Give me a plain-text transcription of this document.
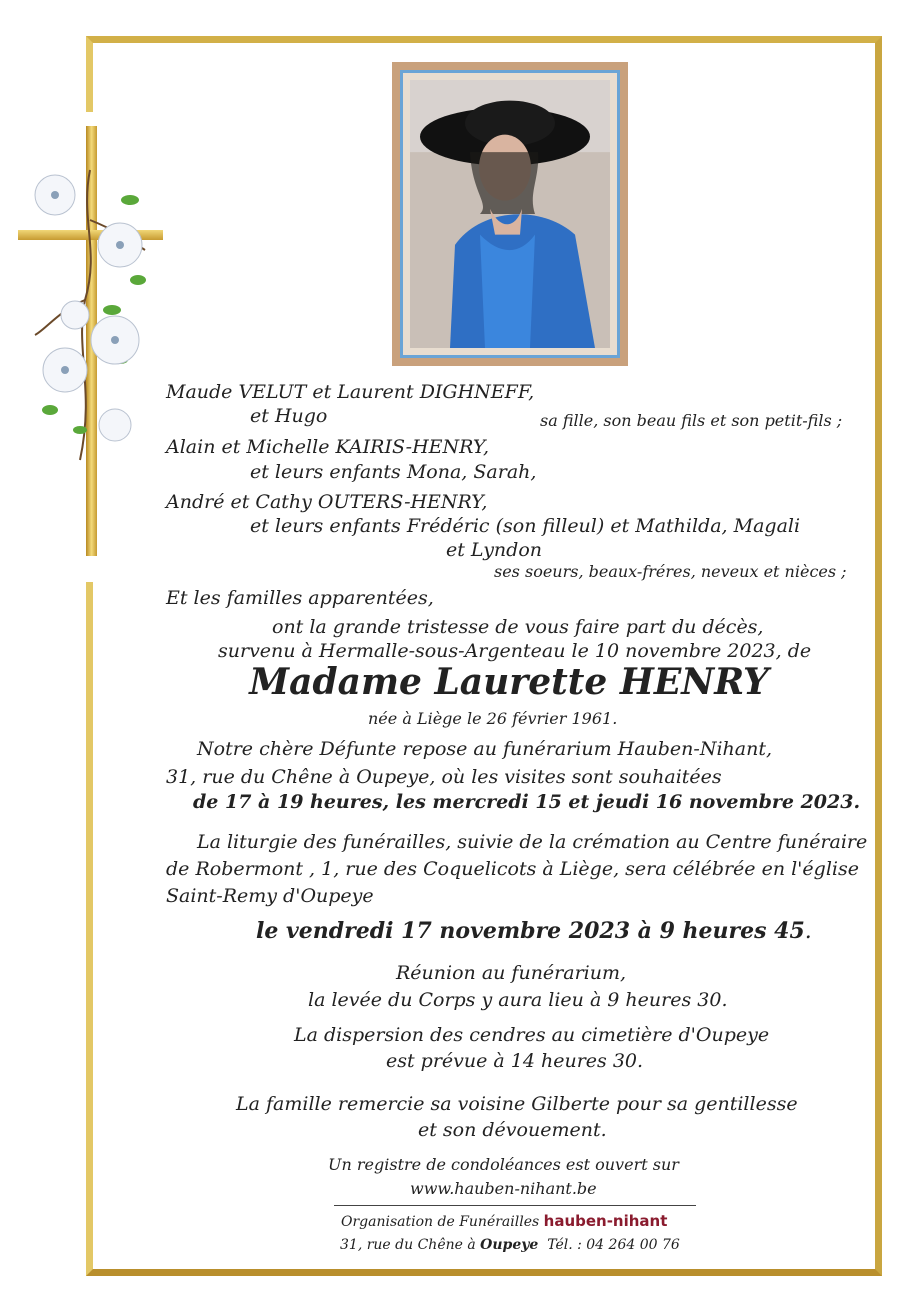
Maude VELUT et Laurent DIGHNEFF,
et Hugo	sa fille, son beau fils et son petit-fils ;
Alain et Michelle KAIRIS-HENRY,
et leurs enfants Mona, Sarah,
André et Cathy OUTERS-HENRY,
et leurs enfants Frédéric (son filleul) et Mathilda, Magali
et Lyndon
ses soeurs, beaux-fréres, neveux et nièces ;
Et les familles apparentées,
ont la grande tristesse de vous faire part du décès,
survenu à Hermalle-sous-Argenteau le 10 novembre 2023, de
Madame Laurette HENRY
née à Liège le 26 février 1961.
Notre chère Défunte repose au funérarium Hauben-Nihant,
31, rue du Chêne à Oupeye, où les visites sont souhaitées
de 17 à 19 heures, les mercredi 15 et jeudi 16 novembre 2023.
La liturgie des funérailles, suivie de la crémation au Centre funéraire
de Robermont , 1, rue des Coquelicots à Liège, sera célébrée en l'église
Saint-Remy d'Oupeye
le vendredi 17 novembre 2023 à 9 heures 45.
Réunion au funérarium,
la levée du Corps y aura lieu à 9 heures 30.
La dispersion des cendres au cimetière d'Oupeye
est prévue à 14 heures 30.
La famille remercie sa voisine Gilberte pour sa gentillesse
et son dévouement.
Un registre de condoléances est ouvert sur
www.hauben-nihant.be
Organisation de Funérailles hauben-nihant
31, rue du Chêne à Oupeye Tél. : 04 264 00 76
